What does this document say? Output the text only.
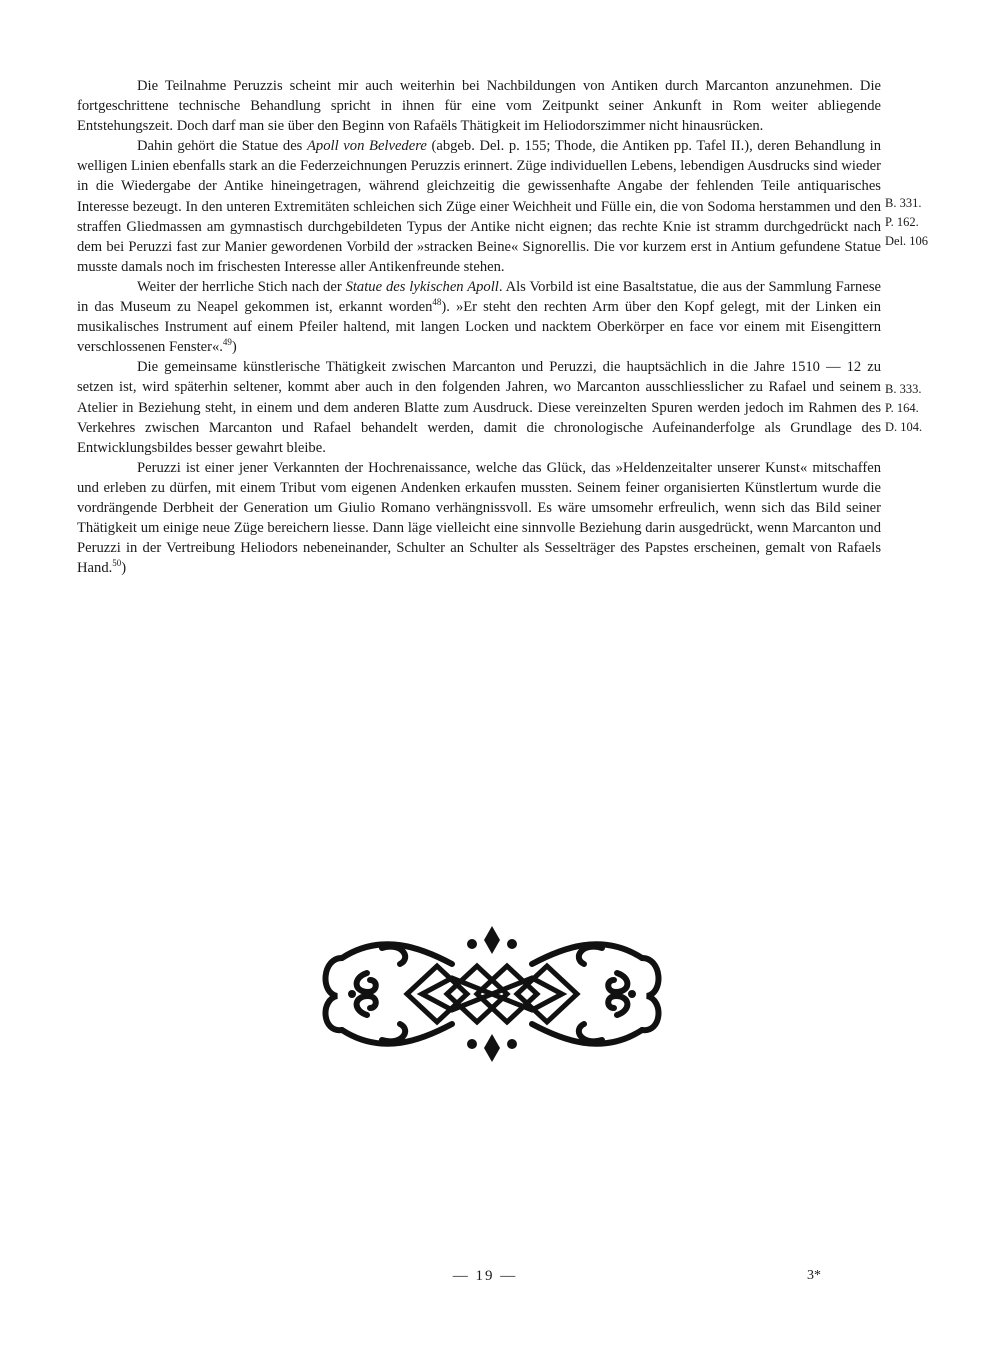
Die Teilnahme Peruzzis scheint mir auch weiterhin bei Nachbildungen von Antiken durch Marcanton anzunehmen. Die fortgeschrittene technische Behandlung spricht in ihnen für eine vom Zeitpunkt seiner Ankunft in Rom weiter abliegende Entstehungszeit. Doch darf man sie über den Beginn von Rafaëls Thätigkeit im Heliodorszimmer nicht hinausrücken.

Dahin gehört die Statue des Apoll von Belvedere (abgeb. Del. p. 155; Thode, die Antiken pp. Tafel II.), deren Behandlung in welligen Linien ebenfalls stark an die Federzeichnungen Peruzzis erinnert. Züge individuellen Lebens, lebendigen Ausdrucks sind wieder in die Wiedergabe der Antike hineingetragen, während gleichzeitig die gewissenhafte Angabe der fehlenden Teile antiquarisches Interesse bezeugt. In den unteren Extremitäten schleichen sich Züge einer Weichheit und Fülle ein, die von Sodoma herstammen und den straffen Gliedmassen am gymnastisch durchgebildeten Typus der Antike nicht eignen; das rechte Knie ist stramm durchgedrückt nach dem bei Peruzzi fast zur Manier gewordenen Vorbild der »stracken Beine« Signorellis. Die vor kurzem erst in Antium gefundene Statue musste damals noch im frischesten Interesse aller Antikenfreunde stehen.

Weiter der herrliche Stich nach der Statue des lykischen Apoll. Als Vorbild ist eine Basaltstatue, die aus der Sammlung Farnese in das Museum zu Neapel gekommen ist, erkannt worden$^{48}$). »Er steht den rechten Arm über den Kopf gelegt, mit der Linken ein musikalisches Instrument auf einem Pfeiler haltend, mit langen Locken und nacktem Oberkörper en face vor einem mit Eisengittern verschlossenen Fenster«.$^{49}$)

Die gemeinsame künstlerische Thätigkeit zwischen Marcanton und Peruzzi, die hauptsächlich in die Jahre 1510 — 12 zu setzen ist, wird späterhin seltener, kommt aber auch in den folgenden Jahren, wo Marcanton ausschliesslicher zu Rafael und seinem Atelier in Beziehung steht, in einem und dem anderen Blatte zum Ausdruck. Diese vereinzelten Spuren werden jedoch im Rahmen des Verkehres zwischen Marcanton und Rafael behandelt werden, damit die chronologische Aufeinanderfolge als Grundlage des Entwicklungsbildes besser gewahrt bleibe.

Peruzzi ist einer jener Verkannten der Hochrenaissance, welche das Glück, das »Heldenzeitalter unserer Kunst« mitschaffen und erleben zu dürfen, mit einem Tribut vom eigenen Andenken erkaufen mussten. Seinem feiner organisierten Künstlertum wurde die vordrängende Derbheit der Generation um Giulio Romano verhängnissvoll. Es wäre umsomehr erfreulich, wenn sich das Bild seiner Thätigkeit um einige neue Züge bereichern liesse. Dann läge vielleicht eine sinnvolle Beziehung darin ausgedrückt, wenn Marcanton und Peruzzi in der Vertreibung Heliodors nebeneinander, Schulter an Schulter als Sesselträger des Papstes erscheinen, gemalt von Rafaels Hand.$^{50}$)

B. 331.
P. 162.
Del. 106
B. 333.
P. 164.
D. 104.
— 19 —	3*
